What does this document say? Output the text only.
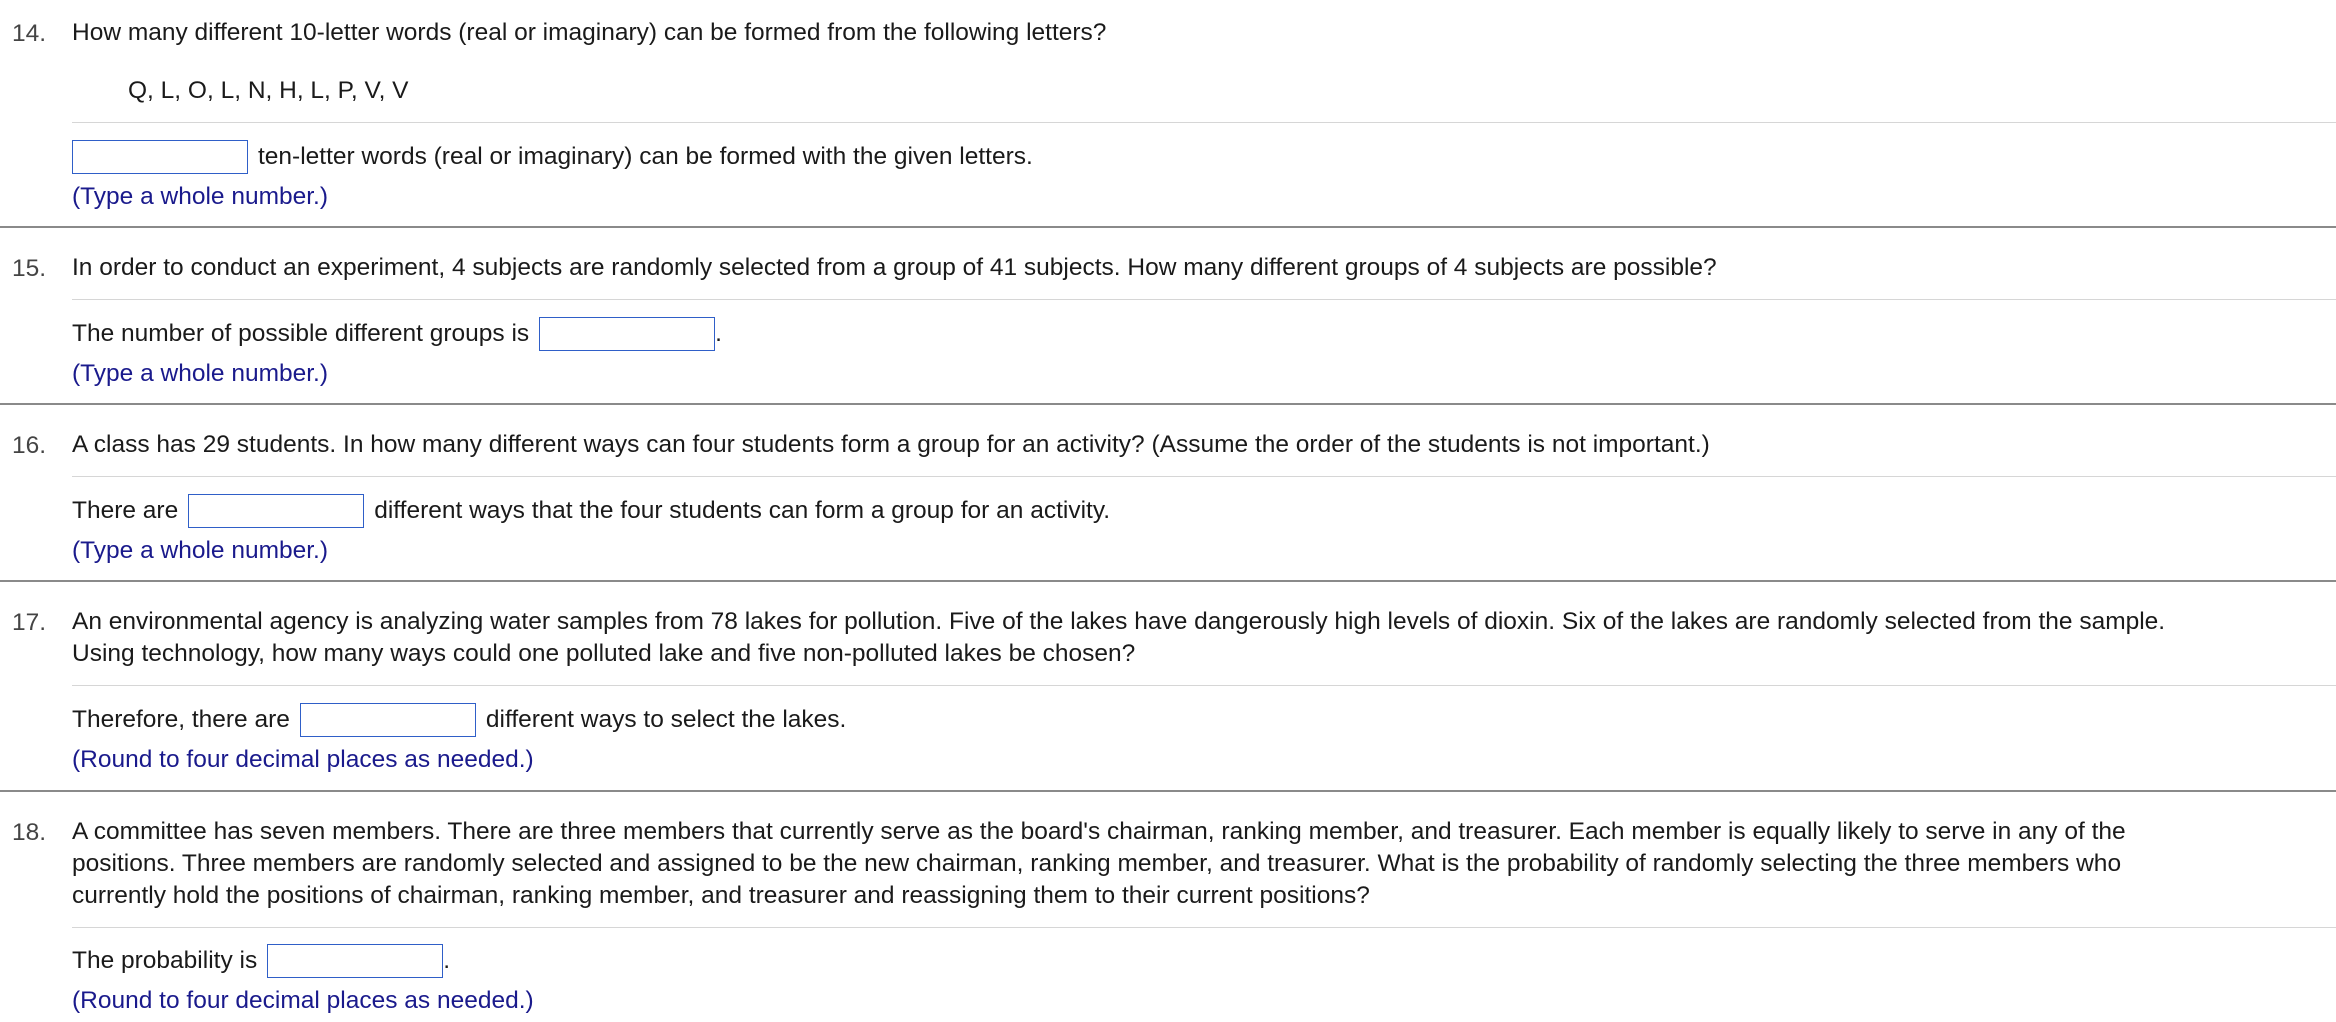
14. How many different 10-letter words (real or imaginary) can be formed from the following letters?
Q, L, O, L, N, H, L, P, V, V
ten-letter words (real or imaginary) can be formed with the given letters.
(Type a whole number.)
15. In order to conduct an experiment, 4 subjects are randomly selected from a group of 41 subjects. How many different groups of 4 subjects are possible?
The number of possible different groups is	.
(Type a whole number.)
16. A class has 29 students. In how many different ways can four students form a group for an activity? (Assume the order of the students is not important.)
There are	different ways that the four students can form a group for an activity.
(Type a whole number.)
17. An environmental agency is analyzing water samples from 78 lakes for pollution. Five of the lakes have dangerously high levels of dioxin. Six of the lakes are randomly selected from the sample.
Using technology, how many ways could one polluted lake and five non-polluted lakes be chosen?
Therefore, there are	different ways to select the lakes.
(Round to four decimal places as needed.)
18. A committee has seven members. There are three members that currently serve as the board's chairman, ranking member, and treasurer. Each member is equally likely to serve in any of the
positions. Three members are randomly selected and assigned to be the new chairman, ranking member, and treasurer. What is the probability of randomly selecting the three members who
currently hold the positions of chairman, ranking member, and treasurer and reassigning them to their current positions?
The probability is	.
(Round to four decimal places as needed.)
